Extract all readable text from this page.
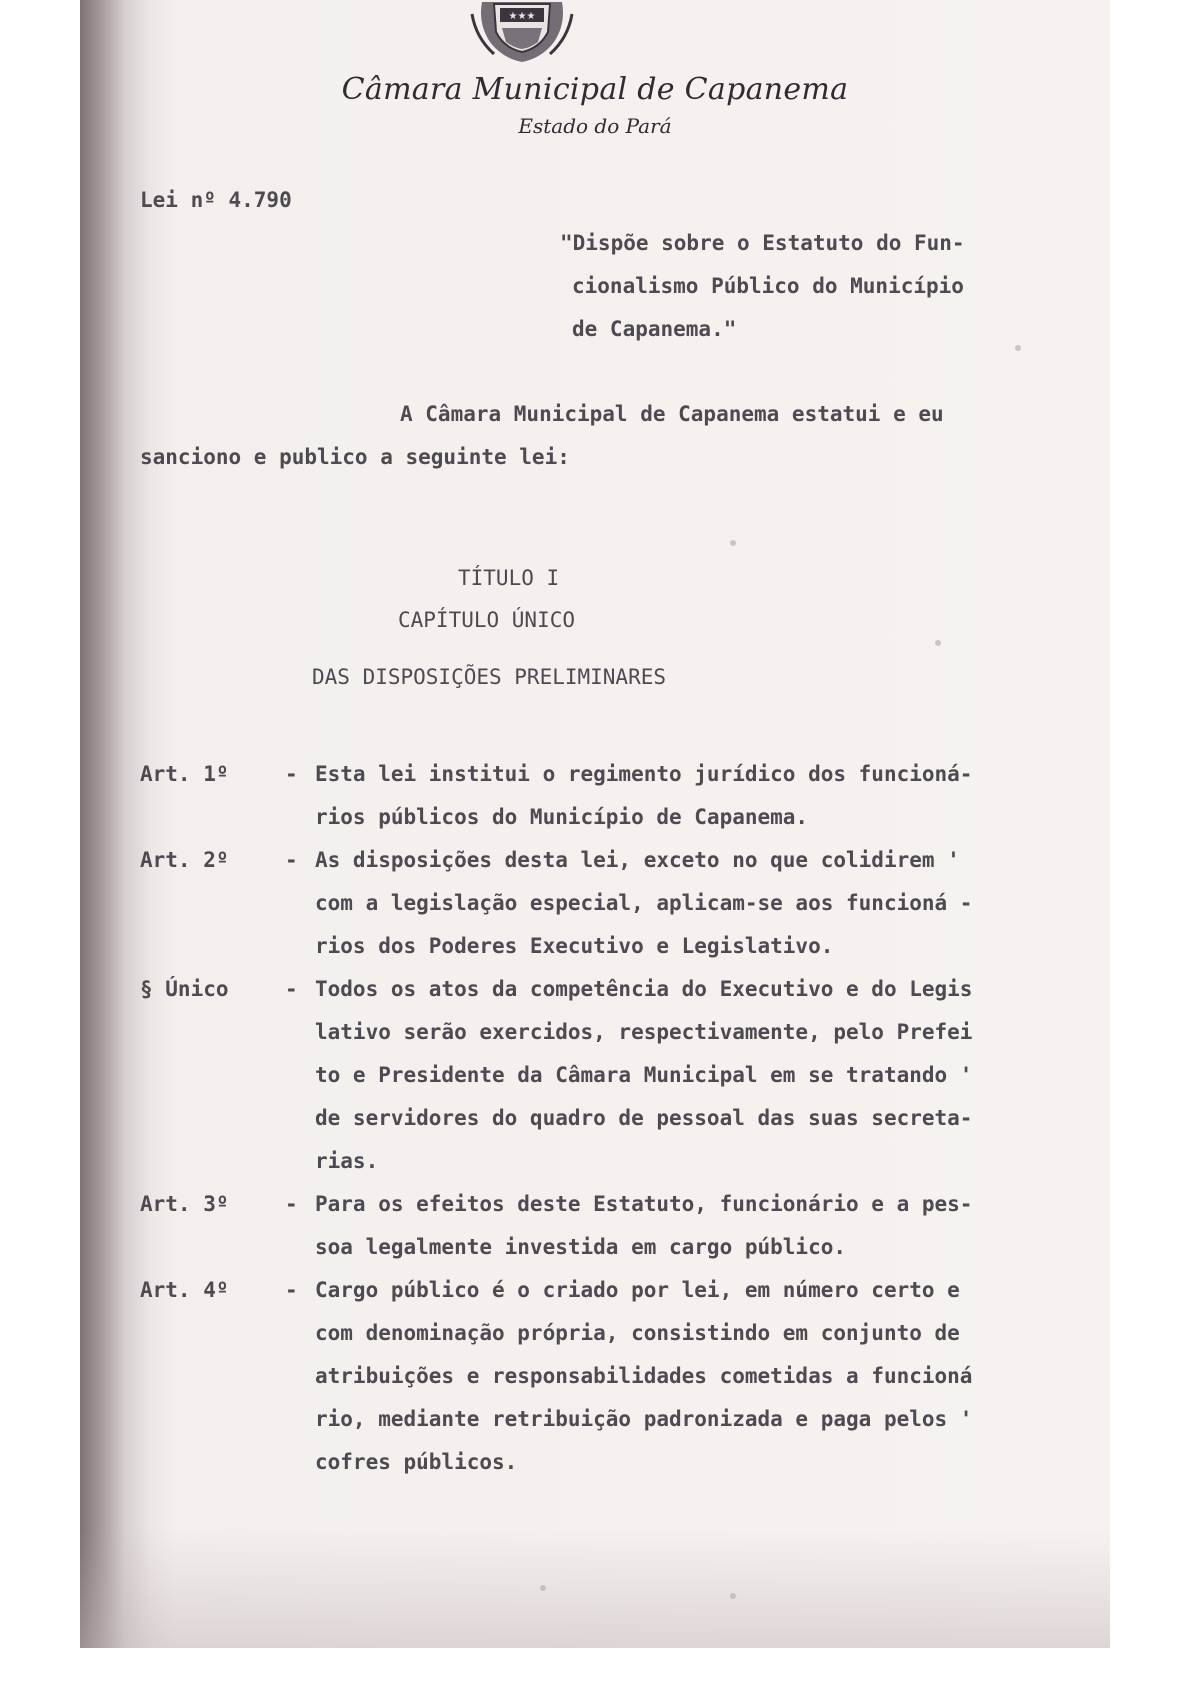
★★★
Câmara Municipal de Capanema
Estado do Pará

Lei nº 4.790

"Dispõe sobre o Estatuto do Fun-
cionalismo Público do Município
de Capanema."
A Câmara Municipal de Capanema estatui e eu
sanciono e publico a seguinte lei:
TÍTULO I
CAPÍTULO ÚNICO
DAS DISPOSIÇÕES PRELIMINARES
Art. 1º	- Esta lei institui o regimento jurídico dos funcioná-
rios públicos do Município de Capanema.
Art. 2º	- As disposições desta lei, exceto no que colidirem '
com a legislação especial, aplicam-se aos funcioná -
rios dos Poderes Executivo e Legislativo.
§ Único	- Todos os atos da competência do Executivo e do Legis
lativo serão exercidos, respectivamente, pelo Prefei
to e Presidente da Câmara Municipal em se tratando '
de servidores do quadro de pessoal das suas secreta-
rias.
Art. 3º	- Para os efeitos deste Estatuto, funcionário e a pes-
soa legalmente investida em cargo público.
Art. 4º	- Cargo público é o criado por lei, em número certo e
com denominação própria, consistindo em conjunto de
atribuições e responsabilidades cometidas a funcioná
rio, mediante retribuição padronizada e paga pelos '
cofres públicos.
